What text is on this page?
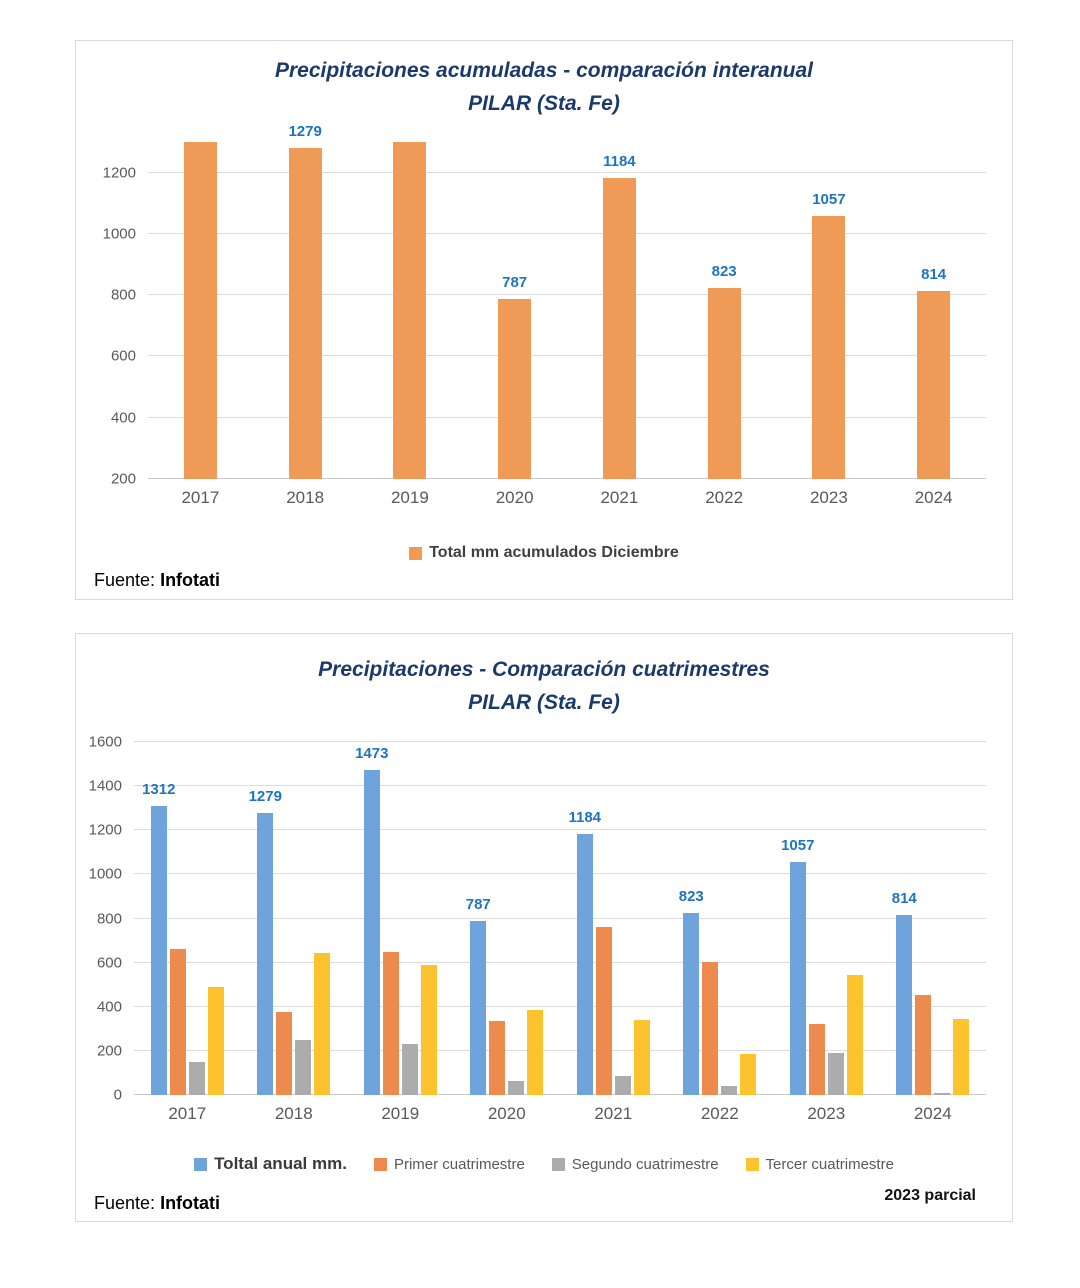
Precipitaciones acumuladas - comparación interanual
PILAR (Sta. Fe)
200
400
600
800
1000
1200
2017
1279
2018	2019
787
2020
1184
2021
823
2022
1057
2023
814
2024
Total mm acumulados Diciembre
Fuente: Infotati
Precipitaciones - Comparación cuatrimestres
PILAR (Sta. Fe)
0
200
400
600
800
1000
1200
1400
1600
1312
2017
1279
2018
1473
2019
787
2020
1184
2021
823
2022
1057
2023
814
2024
Toltal anual mm.	Primer cuatrimestre	Segundo cuatrimestre	Tercer cuatrimestre
2023 parcial
Fuente: Infotati
